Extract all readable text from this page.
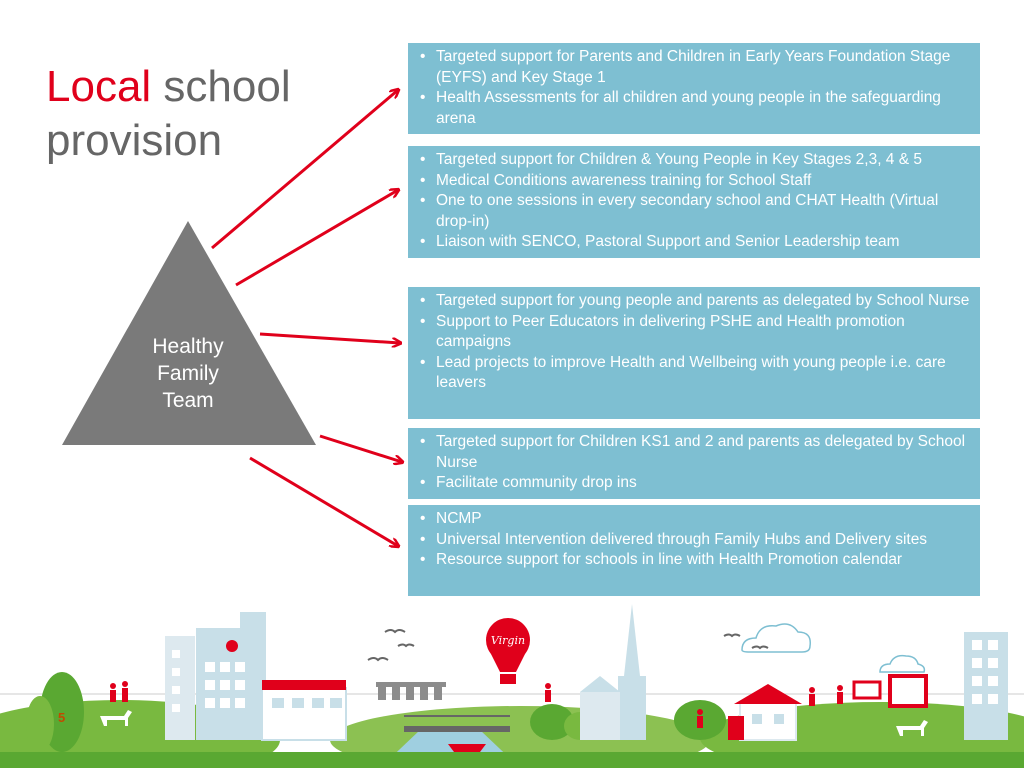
Local school
provision
Healthy
Family
Team
• Targeted support for Parents and Children in Early Years Foundation Stage (EYFS) and Key Stage 1
• Health Assessments for all children and young people in the safeguarding arena
• Targeted support for Children & Young People in Key Stages 2,3, 4 & 5
• Medical Conditions awareness training for School Staff
• One to one sessions in every secondary school and CHAT Health (Virtual drop-in)
• Liaison with SENCO, Pastoral Support and Senior Leadership team
• Targeted support for young people and parents as delegated by School Nurse
• Support to Peer Educators in delivering PSHE and Health promotion campaigns
• Lead projects to improve Health and Wellbeing with young people i.e. care leavers
• Targeted support for Children KS1 and 2 and parents as delegated by School Nurse
• Facilitate community drop ins
• NCMP
• Universal Intervention delivered through Family Hubs and Delivery sites
• Resource support for schools in line with Health Promotion calendar
Virgin
5
